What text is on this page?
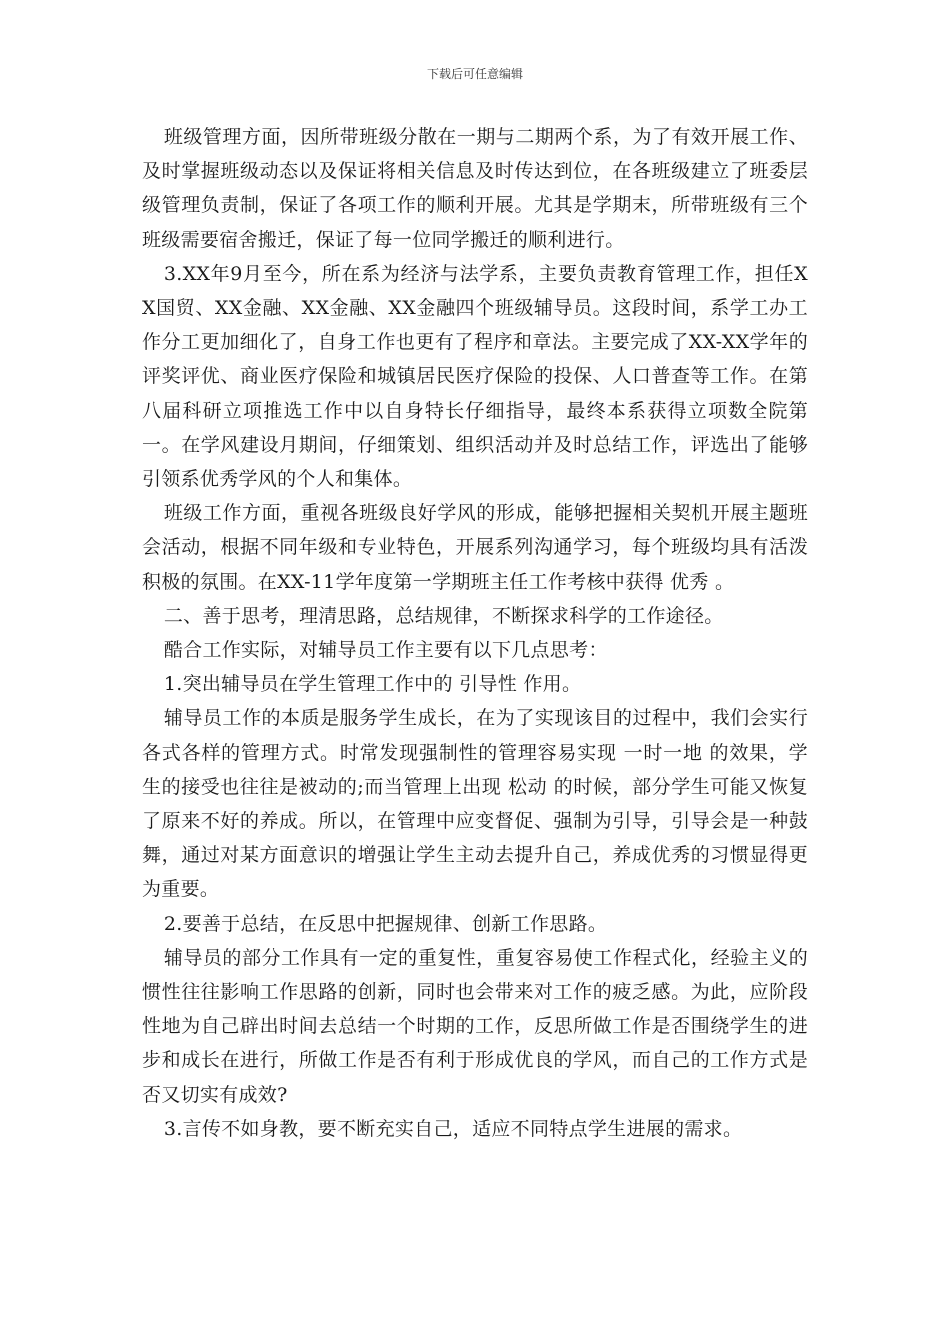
下载后可任意编辑

班级管理方面，因所带班级分散在一期与二期两个系，为了有效开展工作、及时掌握班级动态以及保证将相关信息及时传达到位，在各班级建立了班委层级管理负责制，保证了各项工作的顺利开展。尤其是学期末，所带班级有三个班级需要宿舍搬迁，保证了每一位同学搬迁的顺利进行。

3.XX年9月至今，所在系为经济与法学系，主要负责教育管理工作，担任XX国贸、XX金融、XX金融、XX金融四个班级辅导员。这段时间，系学工办工作分工更加细化了，自身工作也更有了程序和章法。主要完成了XX-XX学年的评奖评优、商业医疗保险和城镇居民医疗保险的投保、人口普查等工作。在第八届科研立项推选工作中以自身特长仔细指导，最终本系获得立项数全院第一。在学风建设月期间，仔细策划、组织活动并及时总结工作，评选出了能够引领系优秀学风的个人和集体。

班级工作方面，重视各班级良好学风的形成，能够把握相关契机开展主题班会活动，根据不同年级和专业特色，开展系列沟通学习，每个班级均具有活泼积极的氛围。在XX-11学年度第一学期班主任工作考核中获得 优秀 。

二、善于思考，理清思路，总结规律，不断探求科学的工作途径。

酷合工作实际，对辅导员工作主要有以下几点思考：

1.突出辅导员在学生管理工作中的 引导性 作用。

辅导员工作的本质是服务学生成长，在为了实现该目的过程中，我们会实行各式各样的管理方式。时常发现强制性的管理容易实现 一时一地 的效果，学生的接受也往往是被动的;而当管理上出现 松动 的时候，部分学生可能又恢复了原来不好的养成。所以，在管理中应变督促、强制为引导，引导会是一种鼓舞，通过对某方面意识的增强让学生主动去提升自己，养成优秀的习惯显得更为重要。

2.要善于总结，在反思中把握规律、创新工作思路。

辅导员的部分工作具有一定的重复性，重复容易使工作程式化，经验主义的惯性往往影响工作思路的创新，同时也会带来对工作的疲乏感。为此，应阶段性地为自己辟出时间去总结一个时期的工作，反思所做工作是否围绕学生的进步和成长在进行，所做工作是否有利于形成优良的学风，而自己的工作方式是否又切实有成效?

3.言传不如身教，要不断充实自己，适应不同特点学生进展的需求。
